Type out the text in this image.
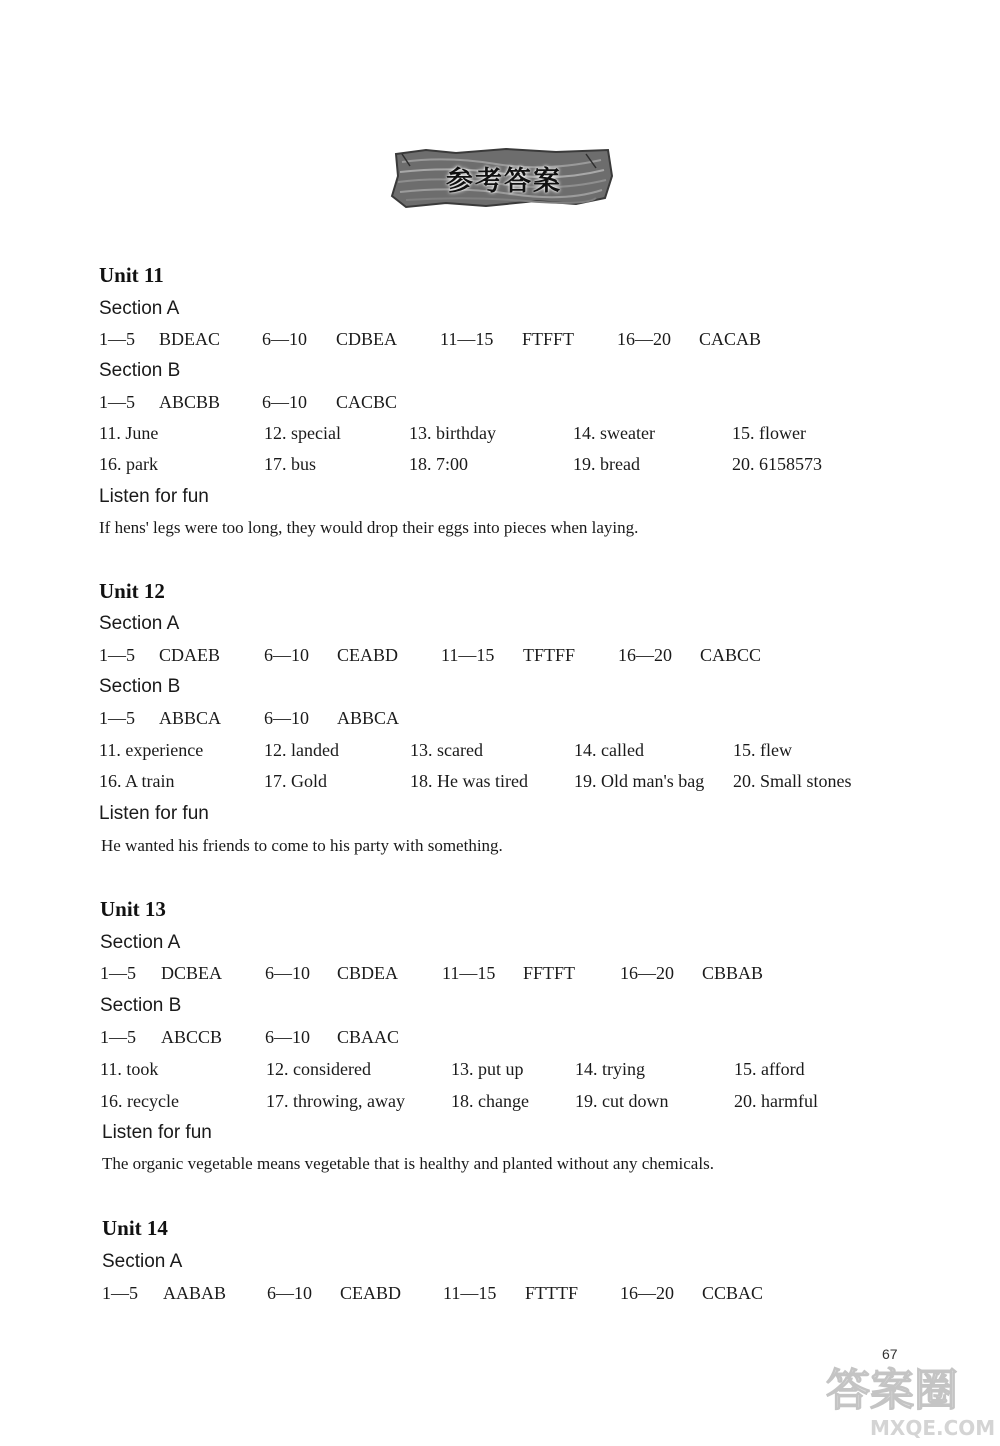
参考答案
Unit 11
Section A
1—5 BDEAC 6—10 CDBEA 11—15 FTFFT 16—20 CACAB
Section B
1—5 ABCBB 6—10 CACBC
11. June	12. special	13. birthday	14. sweater	15. flower
16. park	17. bus	18. 7:00	19. bread	20. 6158573
Listen for fun
If hens' legs were too long, they would drop their eggs into pieces when laying.
Unit 12
Section A
1—5 CDAEB 6—10 CEABD 11—15 TFTFF 16—20 CABCC
Section B
1—5 ABBCA 6—10 ABBCA
11. experience	12. landed	13. scared	14. called	15. flew
16. A train	17. Gold	18. He was tired	19. Old man's bag 20. Small stones
Listen for fun
He wanted his friends to come to his party with something.
Unit 13
Section A
1—5 DCBEA 6—10 CBDEA 11—15 FFTFT 16—20 CBBAB
Section B
1—5 ABCCB 6—10 CBAAC
11. took	12. considered	13. put up	14. trying	15. afford
16. recycle	17. throwing, away	18. change	19. cut down	20. harmful
Listen for fun
The organic vegetable means vegetable that is healthy and planted without any chemicals.
Unit 14
Section A
1—5 AABAB 6—10 CEABD 11—15 FTTTF 16—20 CCBAC
67
答案圈
MXQE.COM
